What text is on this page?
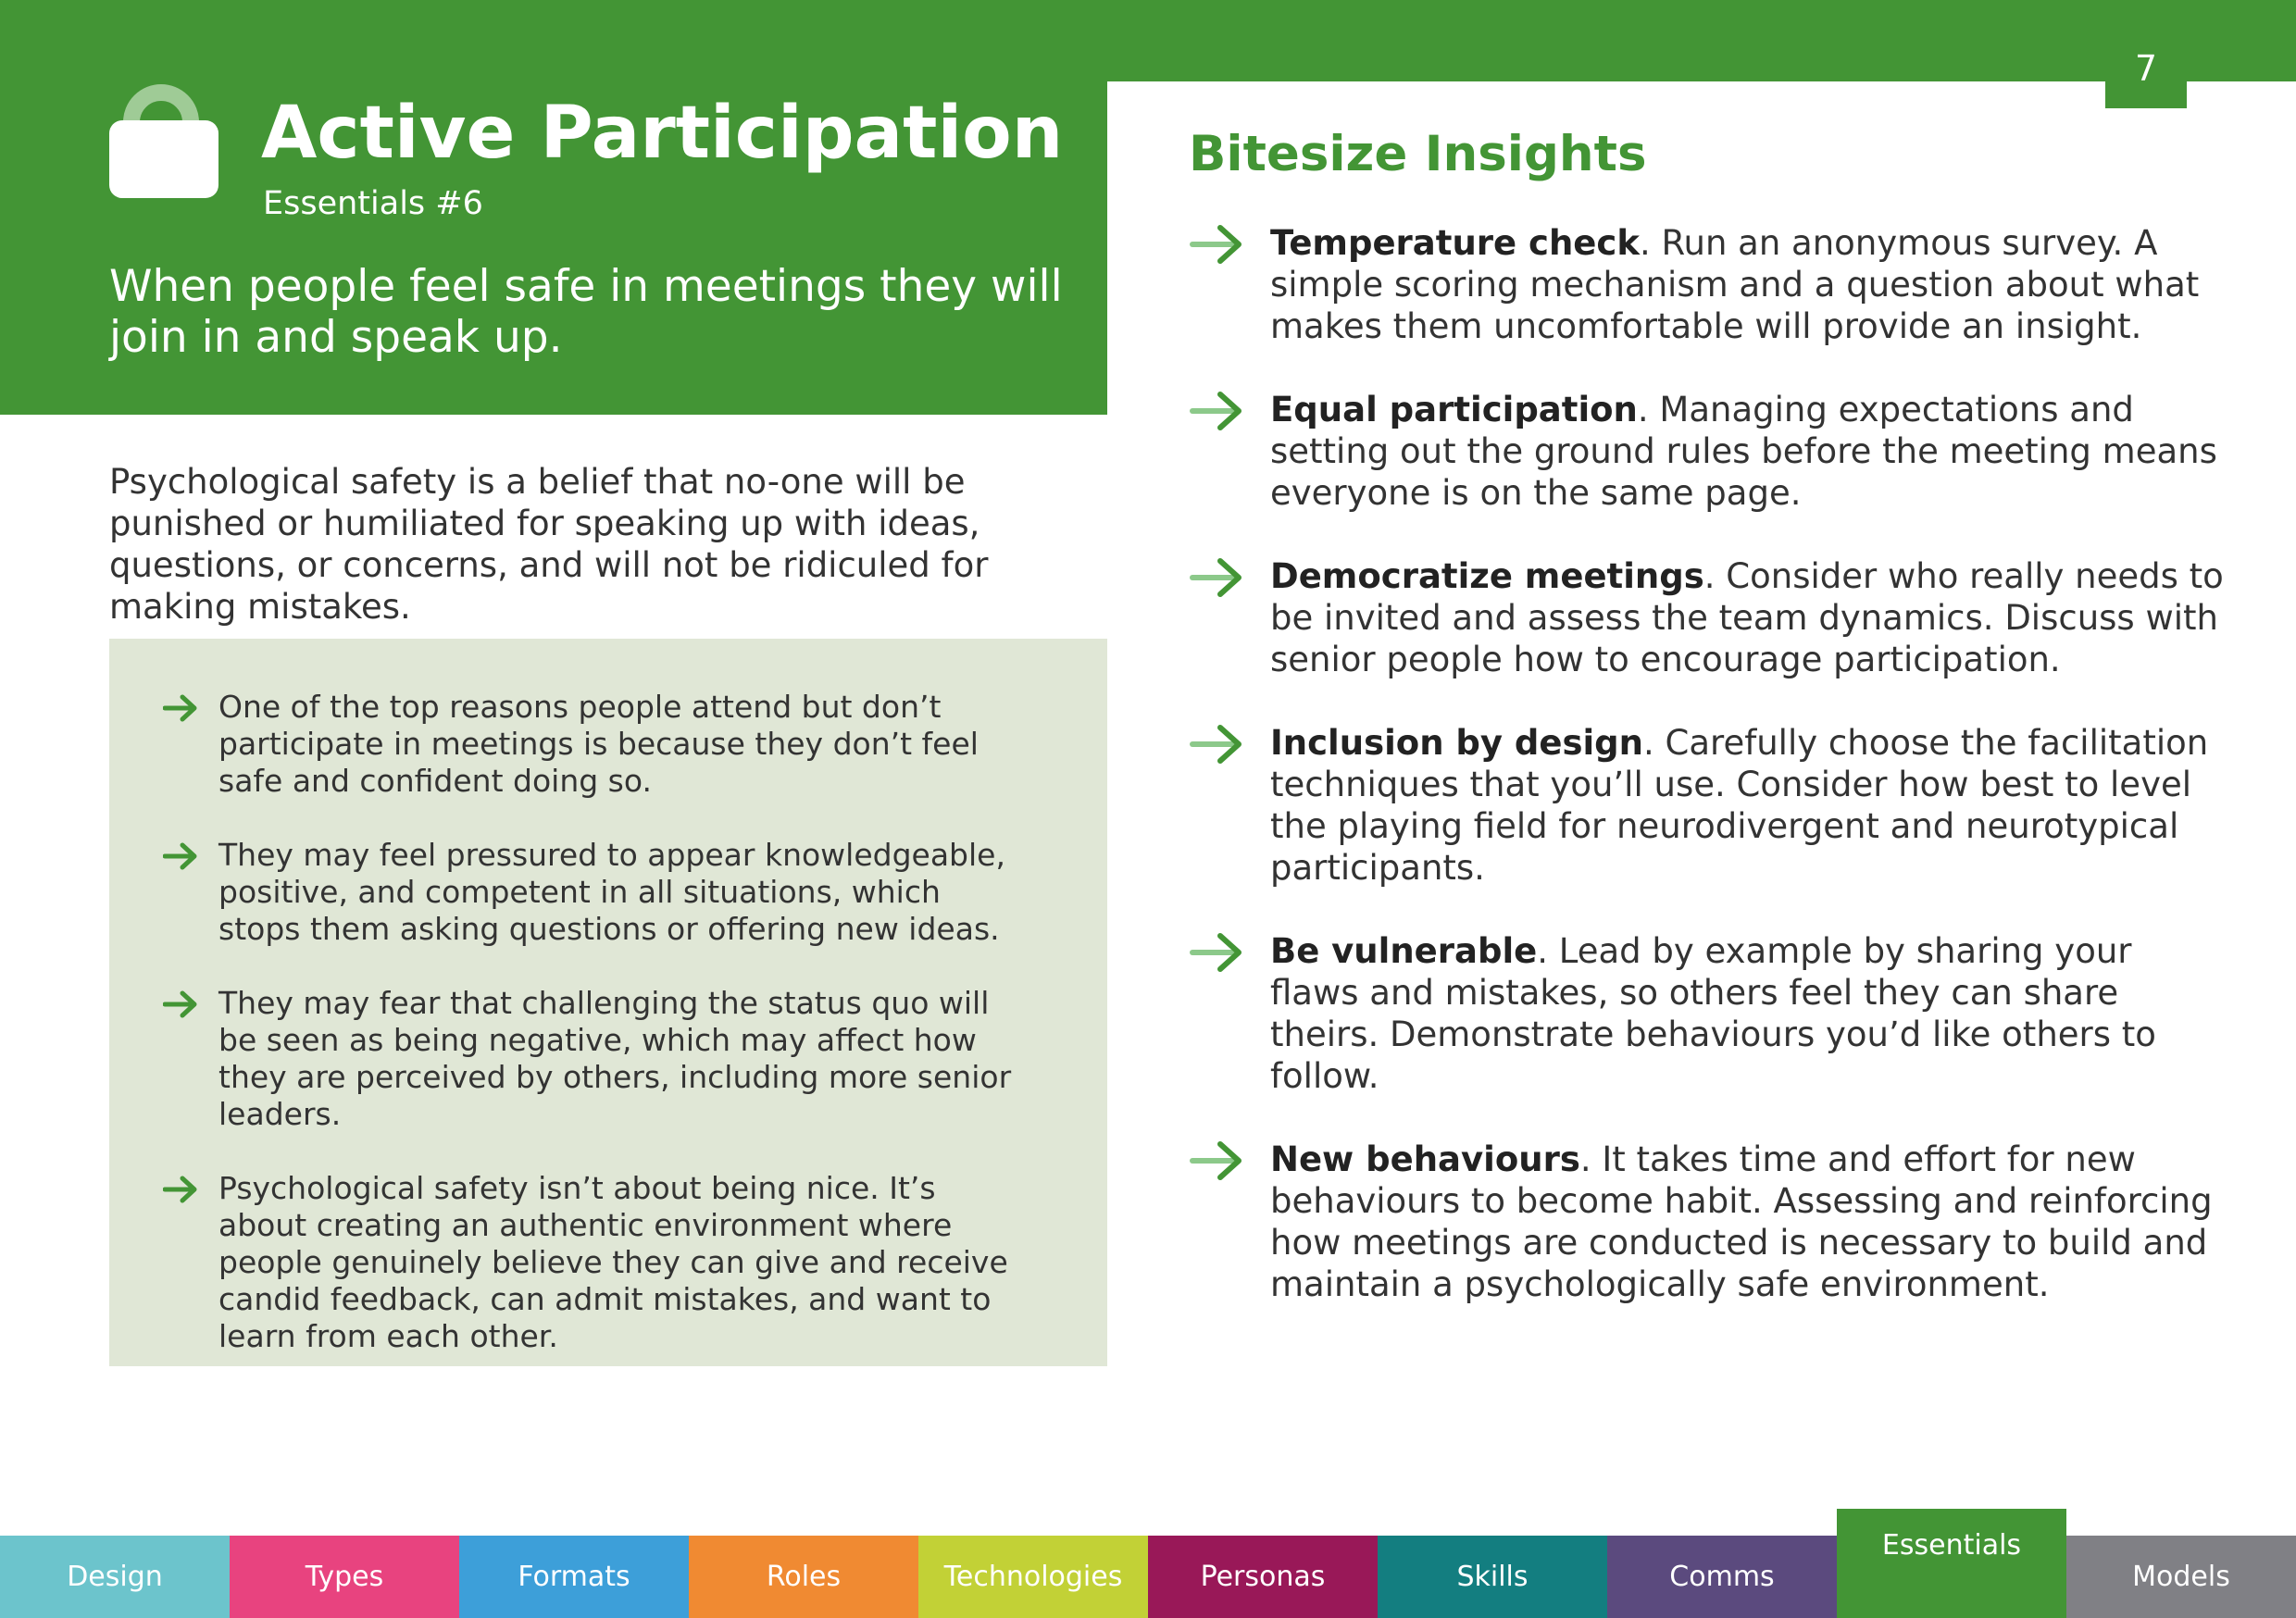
7
Active Participation
Essentials #6

When people feel safe in meetings they will join in and speak up.

Psychological safety is a belief that no-one will be punished or humiliated for speaking up with ideas, questions, or concerns, and will not be ridiculed for making mistakes.

One of the top reasons people attend but don’t participate in meetings is because they don’t feel safe and confident doing so.
They may feel pressured to appear knowledgeable, positive, and competent in all situations, which stops them asking questions or offering new ideas.
They may fear that challenging the status quo will be seen as being negative, which may affect how they are perceived by others, including more senior leaders.
Psychological safety isn’t about being nice. It’s about creating an authentic environment where people genuinely believe they can give and receive candid feedback, can admit mistakes, and want to learn from each other.
Bitesize Insights
Temperature check. Run an anonymous survey. A simple scoring mechanism and a question about what makes them uncomfortable will provide an insight.
Equal participation. Managing expectations and setting out the ground rules before the meeting means everyone is on the same page.
Democratize meetings. Consider who really needs to be invited and assess the team dynamics. Discuss with senior people how to encourage participation.
Inclusion by design. Carefully choose the facilitation techniques that you’ll use. Consider how best to level the playing field for neurodivergent and neurotypical participants.
Be vulnerable. Lead by example by sharing your flaws and mistakes, so others feel they can share theirs. Demonstrate behaviours you’d like others to follow.
New behaviours. It takes time and effort for new behaviours to become habit. Assessing and reinforcing how meetings are conducted is necessary to build and maintain a psychologically safe environment.
Design	Types	Formats	Roles	Technologies	Personas	Skills	Comms
Essentials
Models
